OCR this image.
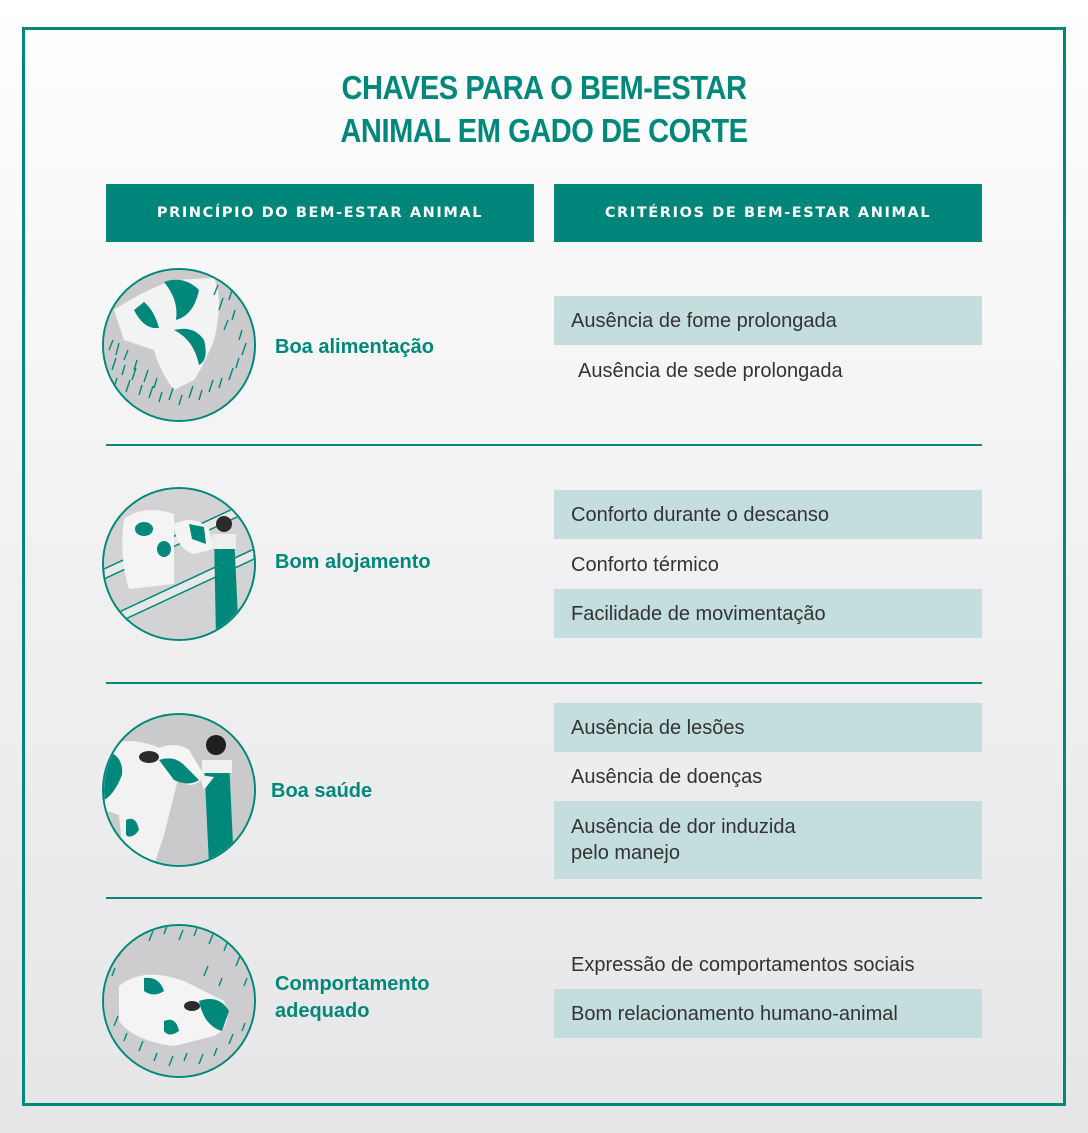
CHAVES PARA O BEM-ESTAR
ANIMAL EM GADO DE CORTE
PRINCÍPIO DO BEM-ESTAR ANIMAL	CRITÉRIOS DE BEM-ESTAR ANIMAL
Boa alimentação
Ausência de fome prolongada
Ausência de sede prolongada
Bom alojamento
Conforto durante o descanso
Conforto térmico
Facilidade de movimentação
Boa saúde
Ausência de lesões
Ausência de doenças
Ausência de dor induzida
pelo manejo
Comportamento
adequado
Expressão de comportamentos sociais
Bom relacionamento humano-animal
